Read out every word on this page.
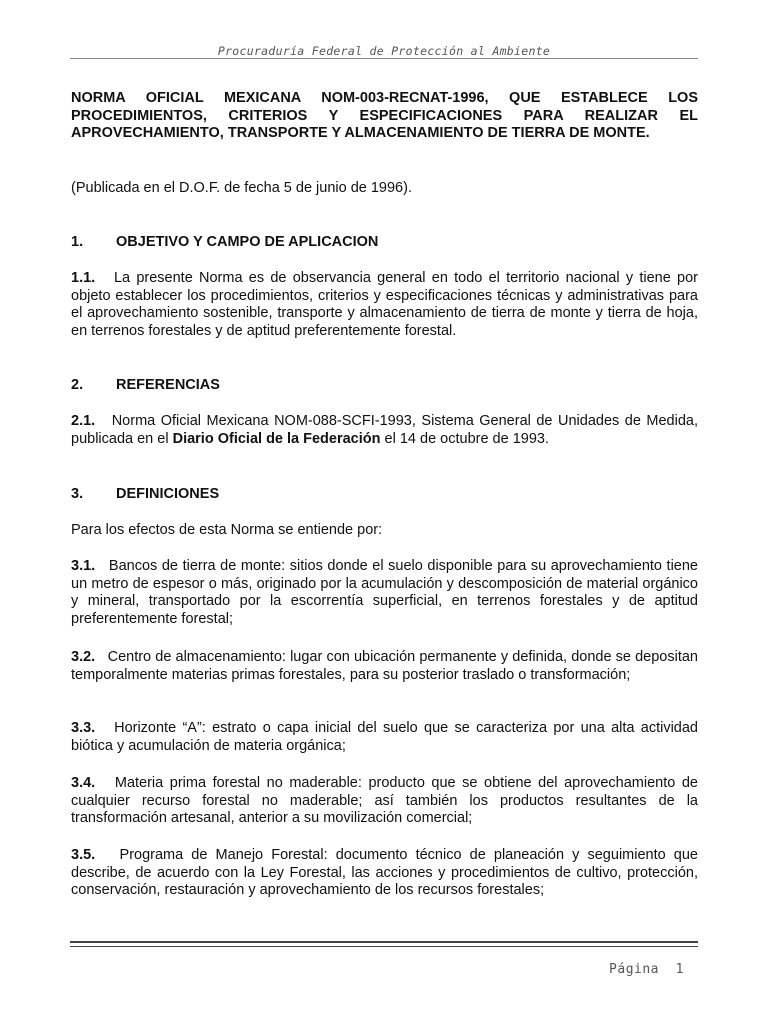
Procuraduría Federal de Protección al Ambiente

NORMA OFICIAL MEXICANA NOM-003-RECNAT-1996, QUE ESTABLECE LOS PROCEDIMIENTOS, CRITERIOS Y ESPECIFICACIONES PARA REALIZAR EL APROVECHAMIENTO, TRANSPORTE Y ALMACENAMIENTO DE TIERRA DE MONTE.

(Publicada en el D.O.F. de fecha 5 de junio de 1996).

1. OBJETIVO Y CAMPO DE APLICACION

1.1. La presente Norma es de observancia general en todo el territorio nacional y tiene por objeto establecer los procedimientos, criterios y especificaciones técnicas y administrativas para el aprovechamiento sostenible, transporte y almacenamiento de tierra de monte y tierra de hoja, en terrenos forestales y de aptitud preferentemente forestal.

2. REFERENCIAS

2.1. Norma Oficial Mexicana NOM-088-SCFI-1993, Sistema General de Unidades de Medida, publicada en el Diario Oficial de la Federación el 14 de octubre de 1993.

3. DEFINICIONES

Para los efectos de esta Norma se entiende por:

3.1. Bancos de tierra de monte: sitios donde el suelo disponible para su aprovechamiento tiene un metro de espesor o más, originado por la acumulación y descomposición de material orgánico y mineral, transportado por la escorrentía superficial, en terrenos forestales y de aptitud preferentemente forestal;

3.2. Centro de almacenamiento: lugar con ubicación permanente y definida, donde se depositan temporalmente materias primas forestales, para su posterior traslado o transformación;

3.3. Horizonte “A”: estrato o capa inicial del suelo que se caracteriza por una alta actividad biótica y acumulación de materia orgánica;

3.4. Materia prima forestal no maderable: producto que se obtiene del aprovechamiento de cualquier recurso forestal no maderable; así también los productos resultantes de la transformación artesanal, anterior a su movilización comercial;

3.5. Programa de Manejo Forestal: documento técnico de planeación y seguimiento que describe, de acuerdo con la Ley Forestal, las acciones y procedimientos de cultivo, protección, conservación, restauración y aprovechamiento de los recursos forestales;

Página 1
